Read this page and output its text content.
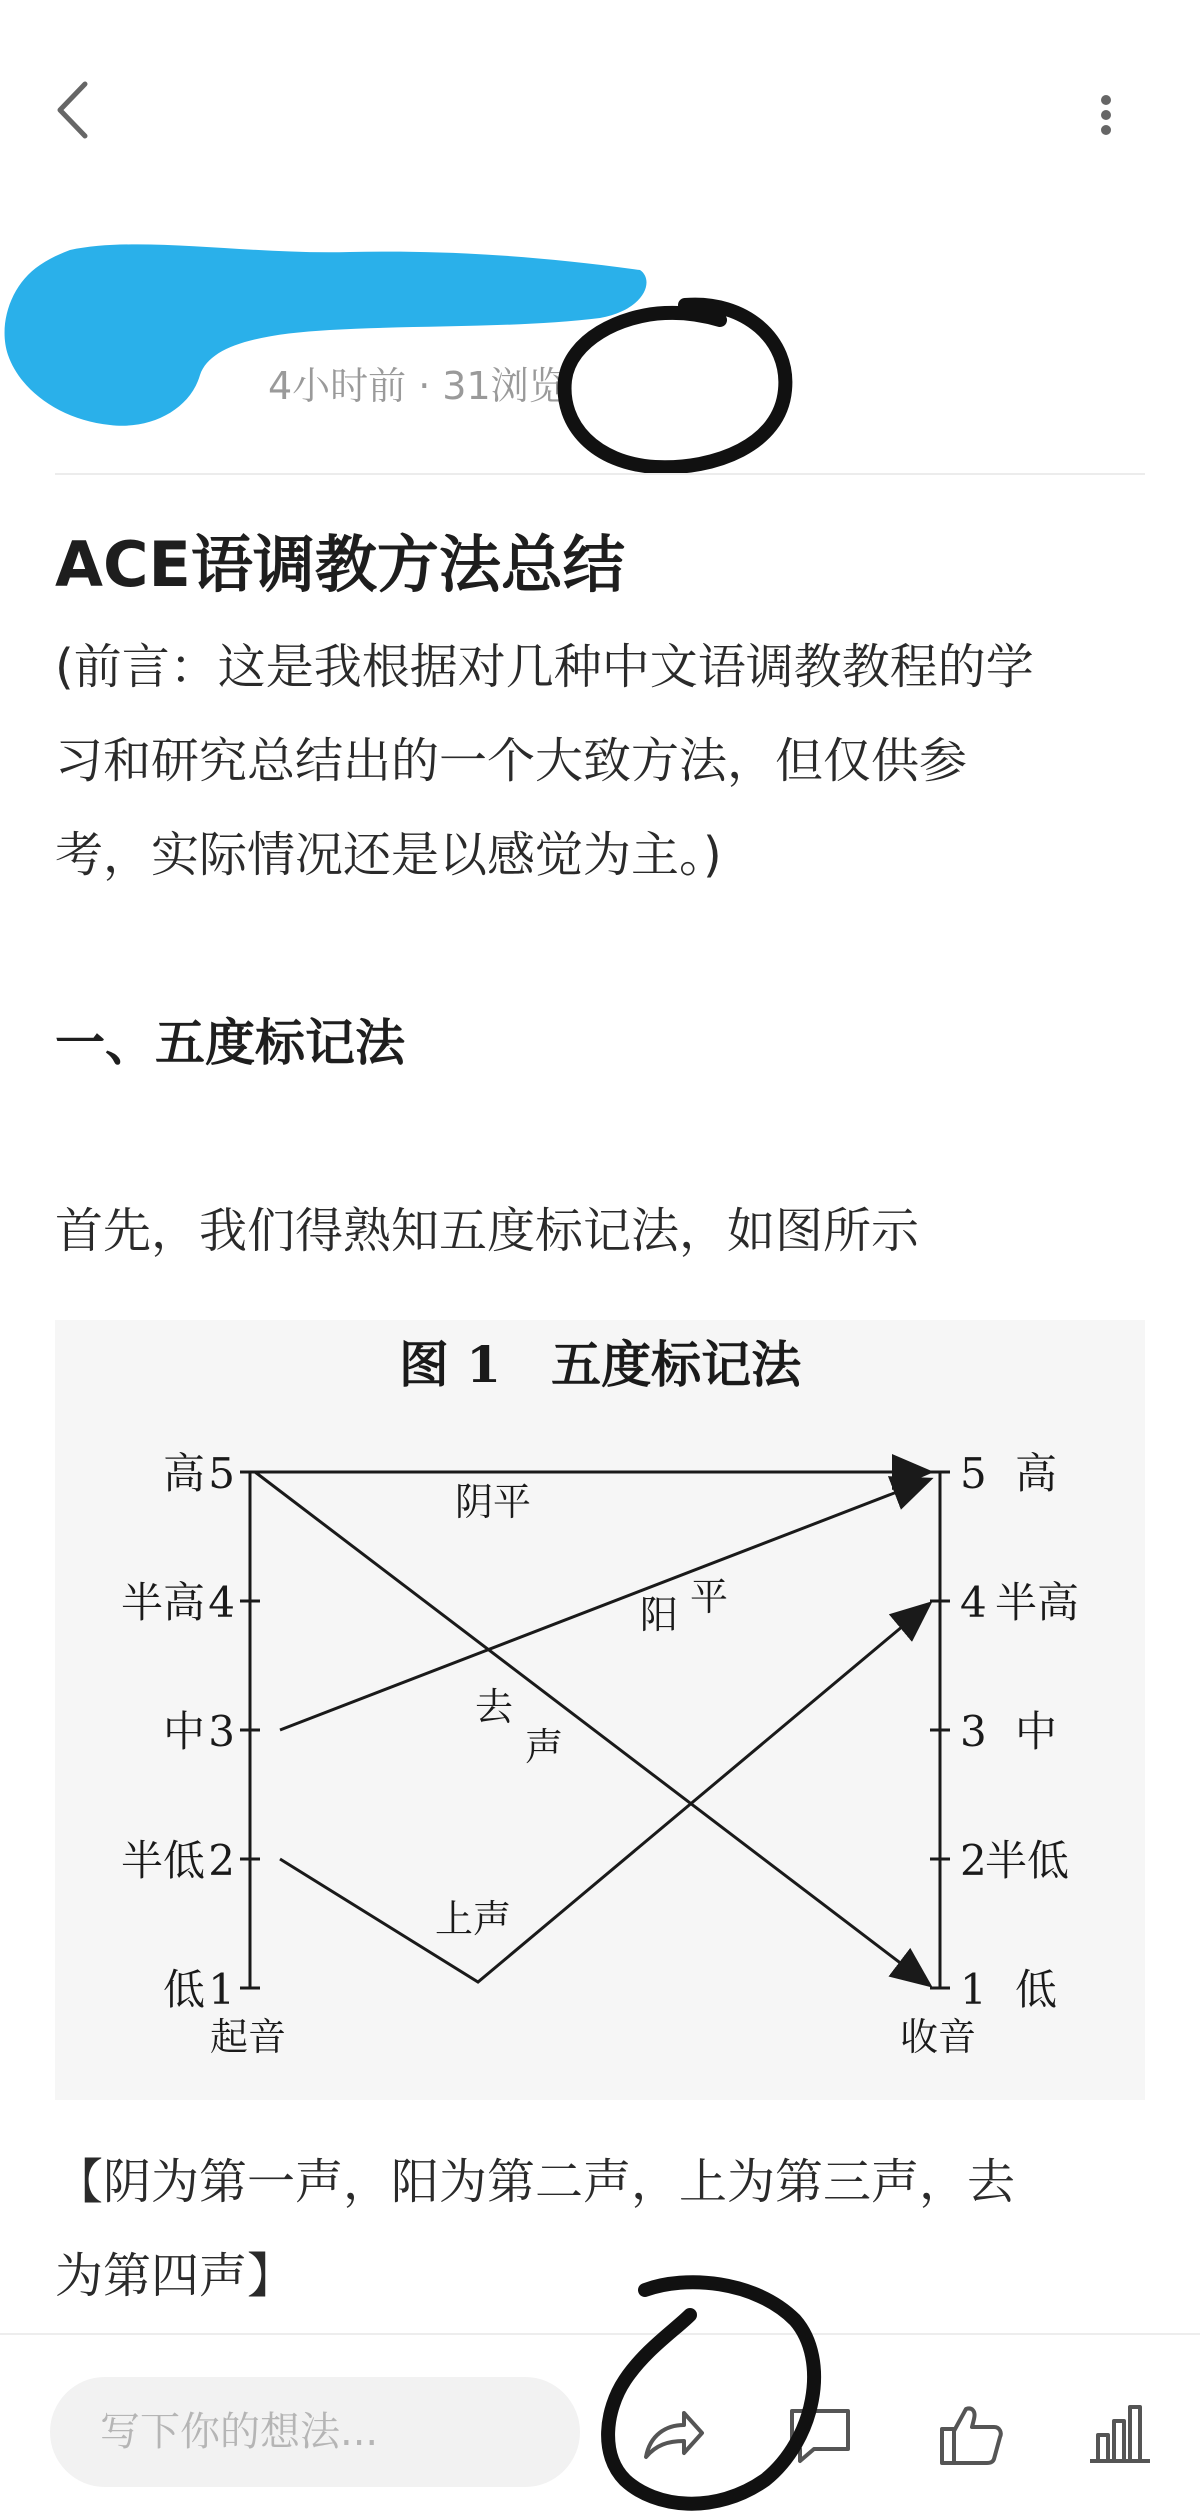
4小时前 · 31浏览
ACE语调教方法总结

(前言：这是我根据对几种中文语调教教程的学

习和研究总结出的一个大致方法，但仅供参

考，实际情况还是以感觉为主。)

一、五度标记法

首先，我们得熟知五度标记法，如图所示

图 1　五度标记法
高 5
半高 4
中 3
半低 2
低 1
起音
5 高
4 半高
3 中
2
半低
1 低
收音
阴平
阳 平
去
声
上声
【阴为第一声，阳为第二声，上为第三声，去
为第四声】
写下你的想法...
